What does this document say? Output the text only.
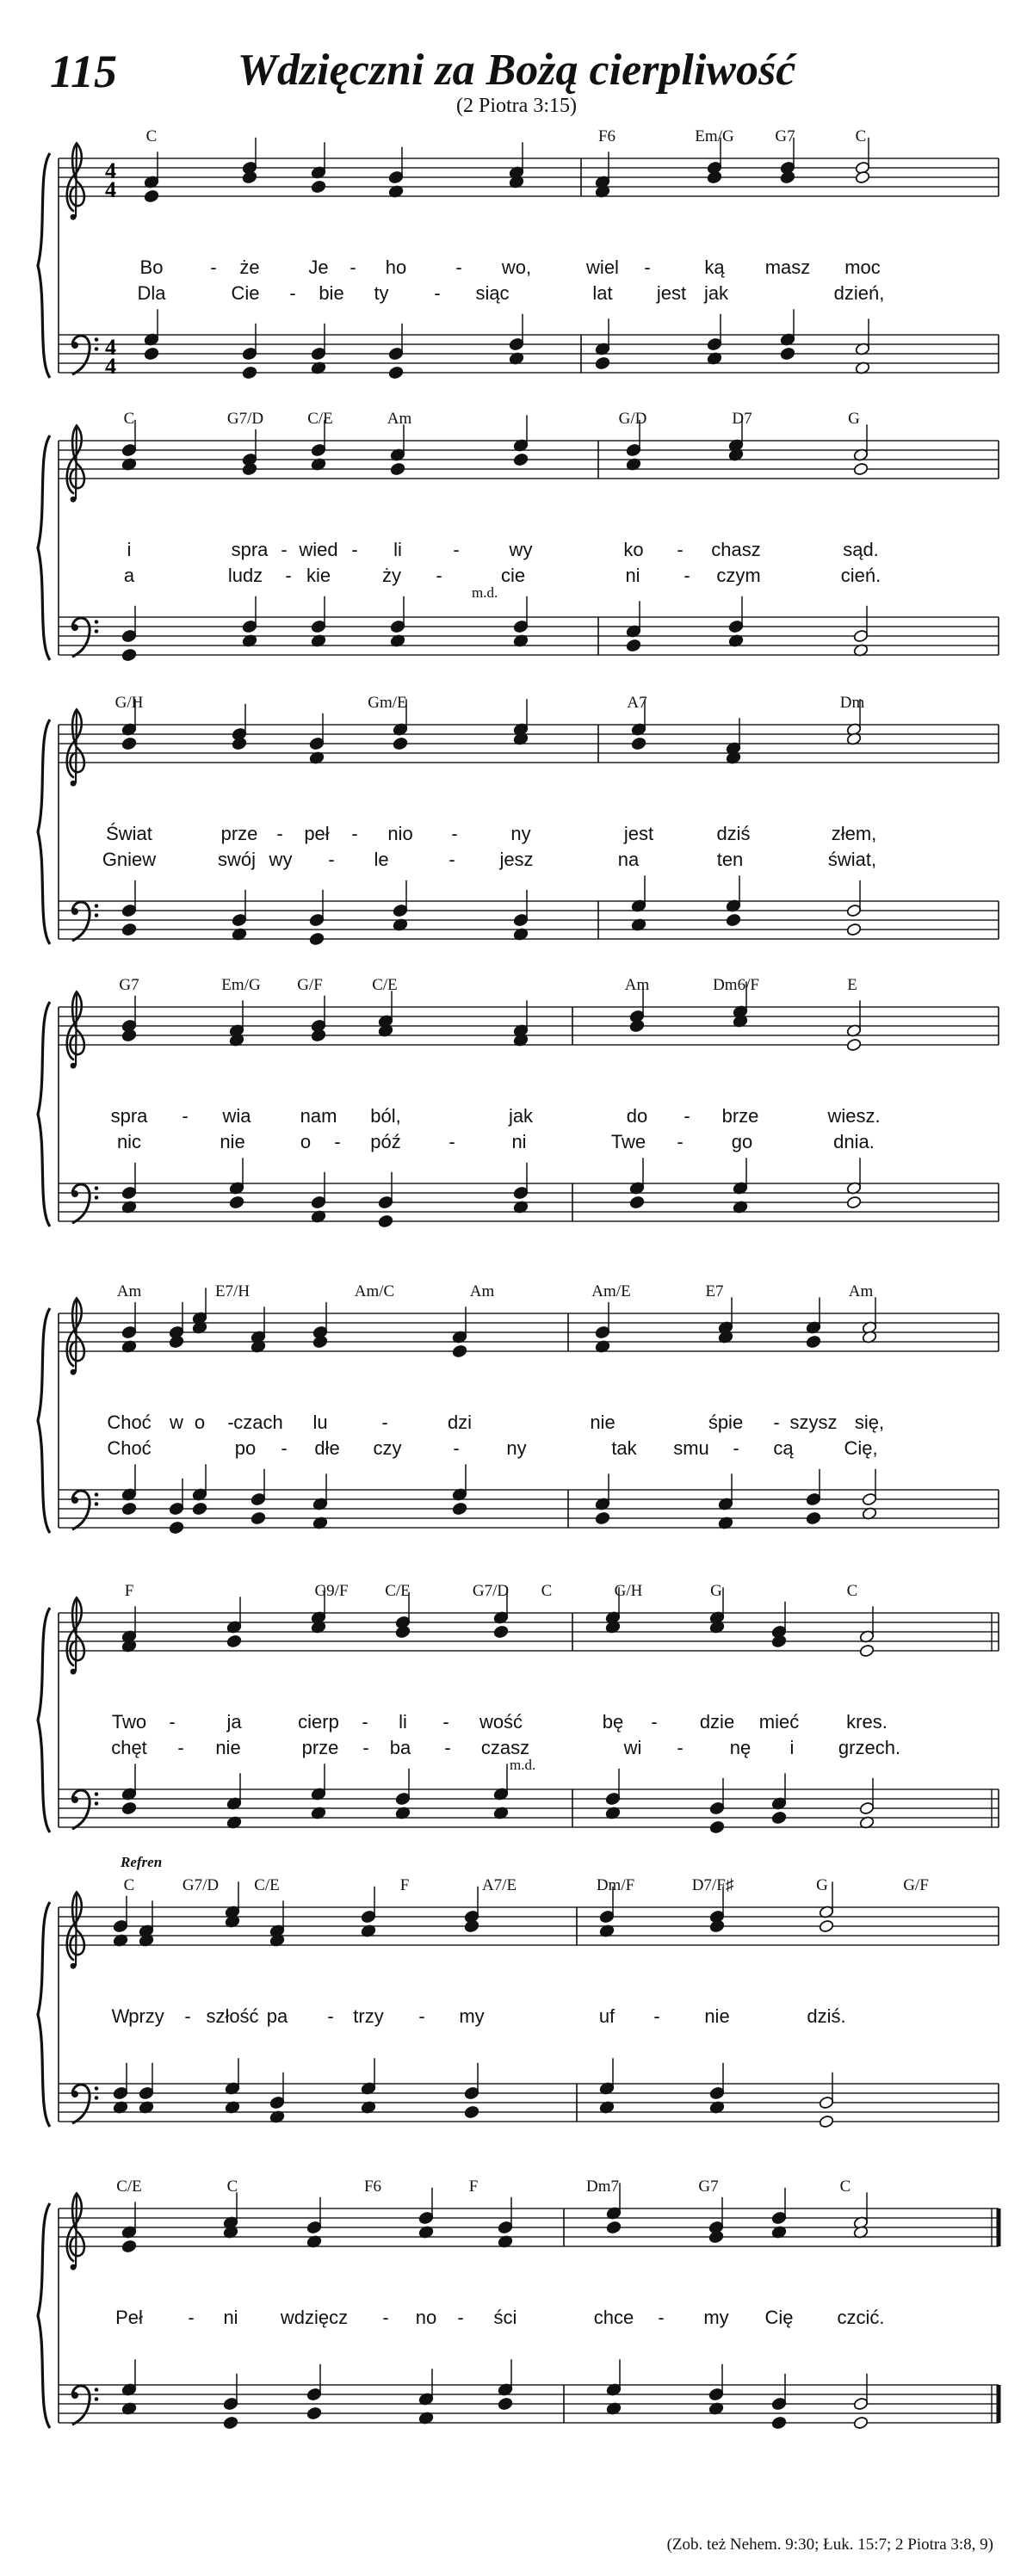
115	Wdzięczni za Bożą cierpliwość
(2 Piotra 3:15)
4
4
4
4
C	F6	Em/G	G7	C
Bo - że	Je - ho	- wo,	wiel -	ką masz moc
Dla	Cie - bie ty - siąc	lat jest jak	dzień,
C	G7/D	C/E	Am	G/D	D7	G
i	spra - wied - li	-	wy	ko - chasz	sąd.
a	ludz - kie	ży -	cie	ni - czym	cień.
m.d.
G/H	Gm/E	A7	Dm
Świat	prze - peł - nio -	ny	jest	dziś	złem,
Gniew	swój wy - le	- jesz	na	ten	świat,
G7	Em/G G/F	C/E	Am	Dm6/F	E
spra - wia	nam ból,	jak	do - brze	wiesz.
nic	nie	o - póź	-	ni	Twe -	go	dnia.
Am	E7/H	Am/C	Am	Am/E	E7	Am
Choć w o - czach lu	-	dzi	nie	śpie - szysz się,
Choć	po - dłe czy	- ny	tak smu - cą	Cię,
F	G9/F C/E	G7/D C	G/H	G	C
Two -	ja	cierp - li - wość	bę - dzie mieć kres.
chęt - nie	prze - ba - czasz	wi - nę i grzech.
m.d.
C	G7/D C/E	F	A7/E	Dm/F	D7/F♯	G	G/F
W
przy - szłość pa - trzy - my	uf - nie	dziś.
Refren
C/E	C	F6	F	Dm7	G7	C
Peł - ni wdzięcz - no - ści	chce - my Cię czcić.
(Zob. też Nehem. 9:30; Łuk. 15:7; 2 Piotra 3:8, 9)
